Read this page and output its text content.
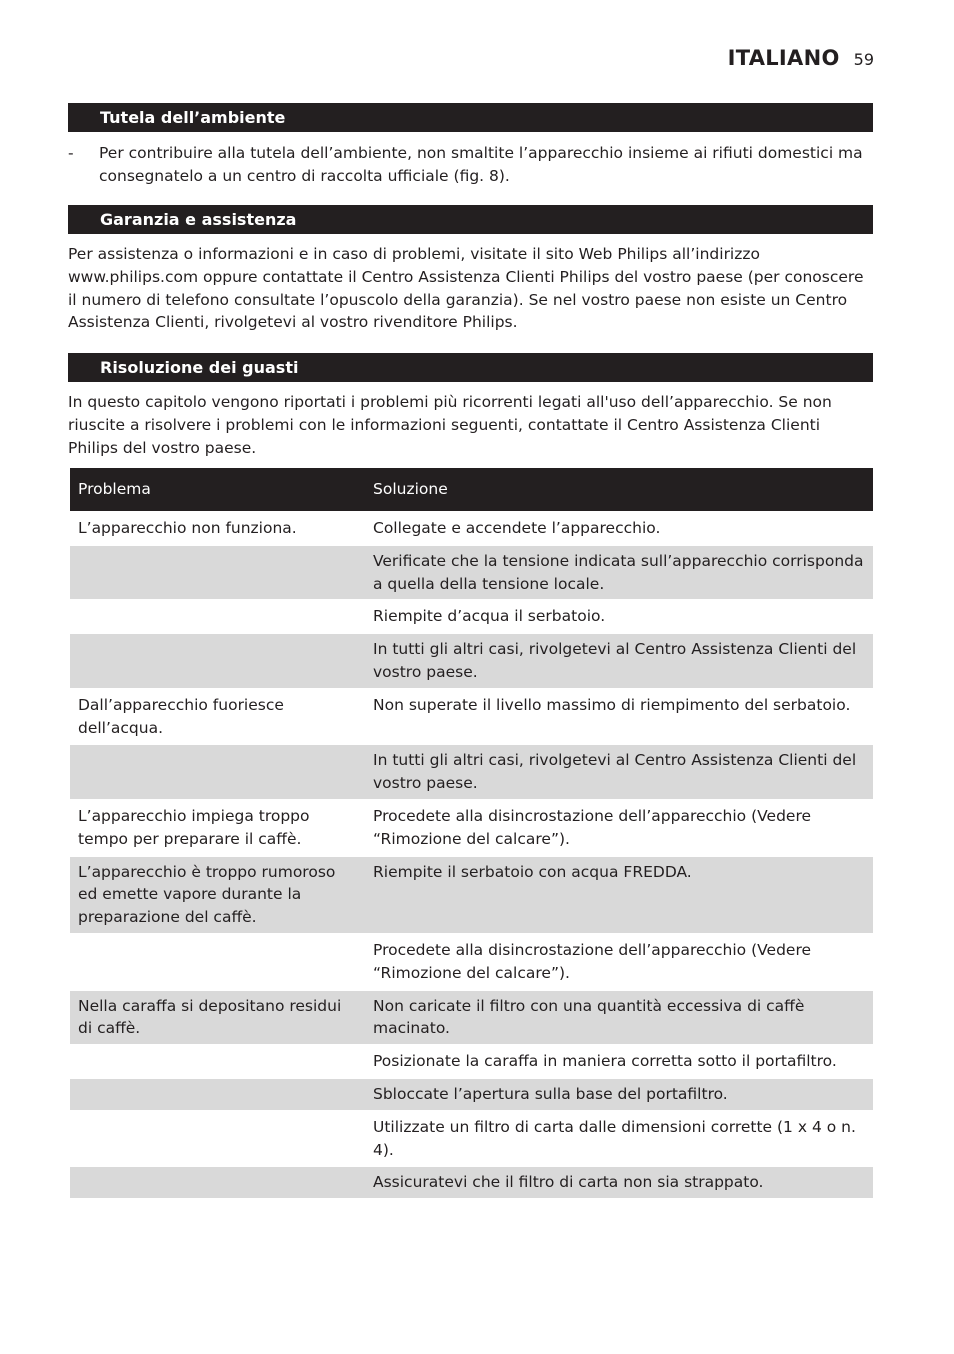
ITALIANO 59
Tutela dell’ambiente
- Per contribuire alla tutela dell’ambiente, non smaltite l’apparecchio insieme ai rifiuti domestici ma consegnatelo a un centro di raccolta ufficiale (fig. 8).
Garanzia e assistenza

Per assistenza o informazioni e in caso di problemi, visitate il sito Web Philips all’indirizzo www.philips.com oppure contattate il Centro Assistenza Clienti Philips del vostro paese (per conoscere il numero di telefono consultate l’opuscolo della garanzia). Se nel vostro paese non esiste un Centro Assistenza Clienti, rivolgetevi al vostro rivenditore Philips.

Risoluzione dei guasti

In questo capitolo vengono riportati i problemi più ricorrenti legati all'uso dell’apparecchio. Se non riuscite a risolvere i problemi con le informazioni seguenti, contattate il Centro Assistenza Clienti Philips del vostro paese.

Problema	Soluzione
L’apparecchio non funziona.	Collegate e accendete l’apparecchio.
	Verificate che la tensione indicata sull’apparecchio corrisponda a quella della tensione locale.
	Riempite d’acqua il serbatoio.
	In tutti gli altri casi, rivolgetevi al Centro Assistenza Clienti del vostro paese.
Dall’apparecchio fuoriesce dell’acqua.	Non superate il livello massimo di riempimento del serbatoio.
	In tutti gli altri casi, rivolgetevi al Centro Assistenza Clienti del vostro paese.
L’apparecchio impiega troppo tempo per preparare il caffè.	Procedete alla disincrostazione dell’apparecchio (Vedere “Rimozione del calcare”).
L’apparecchio è troppo rumoroso ed emette vapore durante la preparazione del caffè.	Riempite il serbatoio con acqua FREDDA.
	Procedete alla disincrostazione dell’apparecchio (Vedere “Rimozione del calcare”).
Nella caraffa si depositano residui di caffè.	Non caricate il filtro con una quantità eccessiva di caffè macinato.
	Posizionate la caraffa in maniera corretta sotto il portafiltro.
	Sbloccate l’apertura sulla base del portafiltro.
	Utilizzate un filtro di carta dalle dimensioni corrette (1 x 4 o n. 4).
	Assicuratevi che il filtro di carta non sia strappato.
